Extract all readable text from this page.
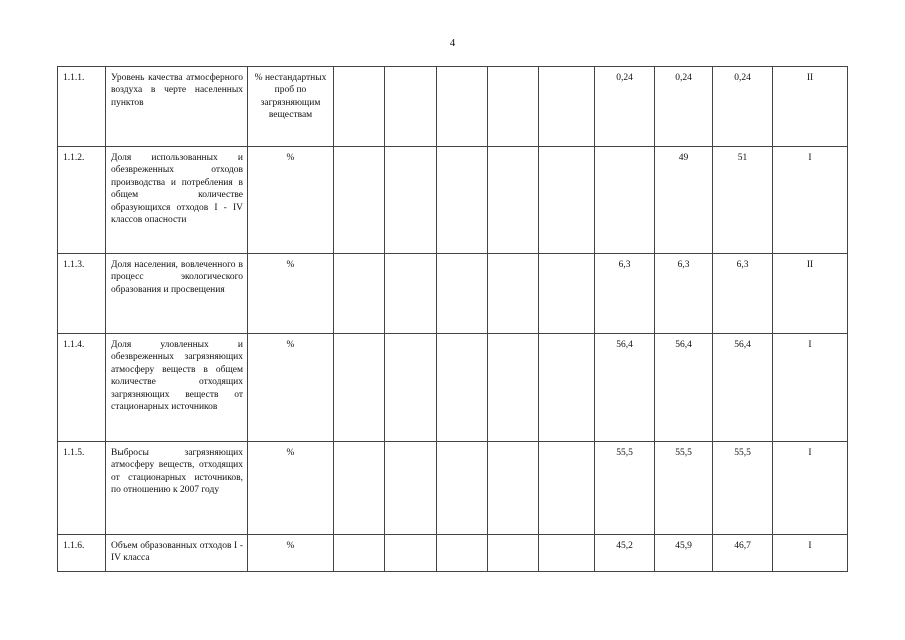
4
1.1.1.	Уровень качества атмосферного воздуха в черте населенных пунктов	% нестандартных проб по загрязняющим веществам						0,24	0,24	0,24	II
1.1.2.	Доля использованных и обезвреженных отходов производства и потребления в общем количестве образующихся отходов I - IV классов опасности	%							49	51	I
1.1.3.	Доля населения, вовлеченного в процесс экологического образования и просвещения	%						6,3	6,3	6,3	II
1.1.4.	Доля уловленных и обезвреженных загрязняющих атмосферу веществ в общем количестве отходящих загрязняющих веществ от стационарных источников	%						56,4	56,4	56,4	I
1.1.5.	Выбросы загрязняющих атмосферу веществ, отходящих от стационарных источников, по отношению к 2007 году	%						55,5	55,5	55,5	I
1.1.6.	Объем образованных отходов I - IV класса	%						45,2	45,9	46,7	I
